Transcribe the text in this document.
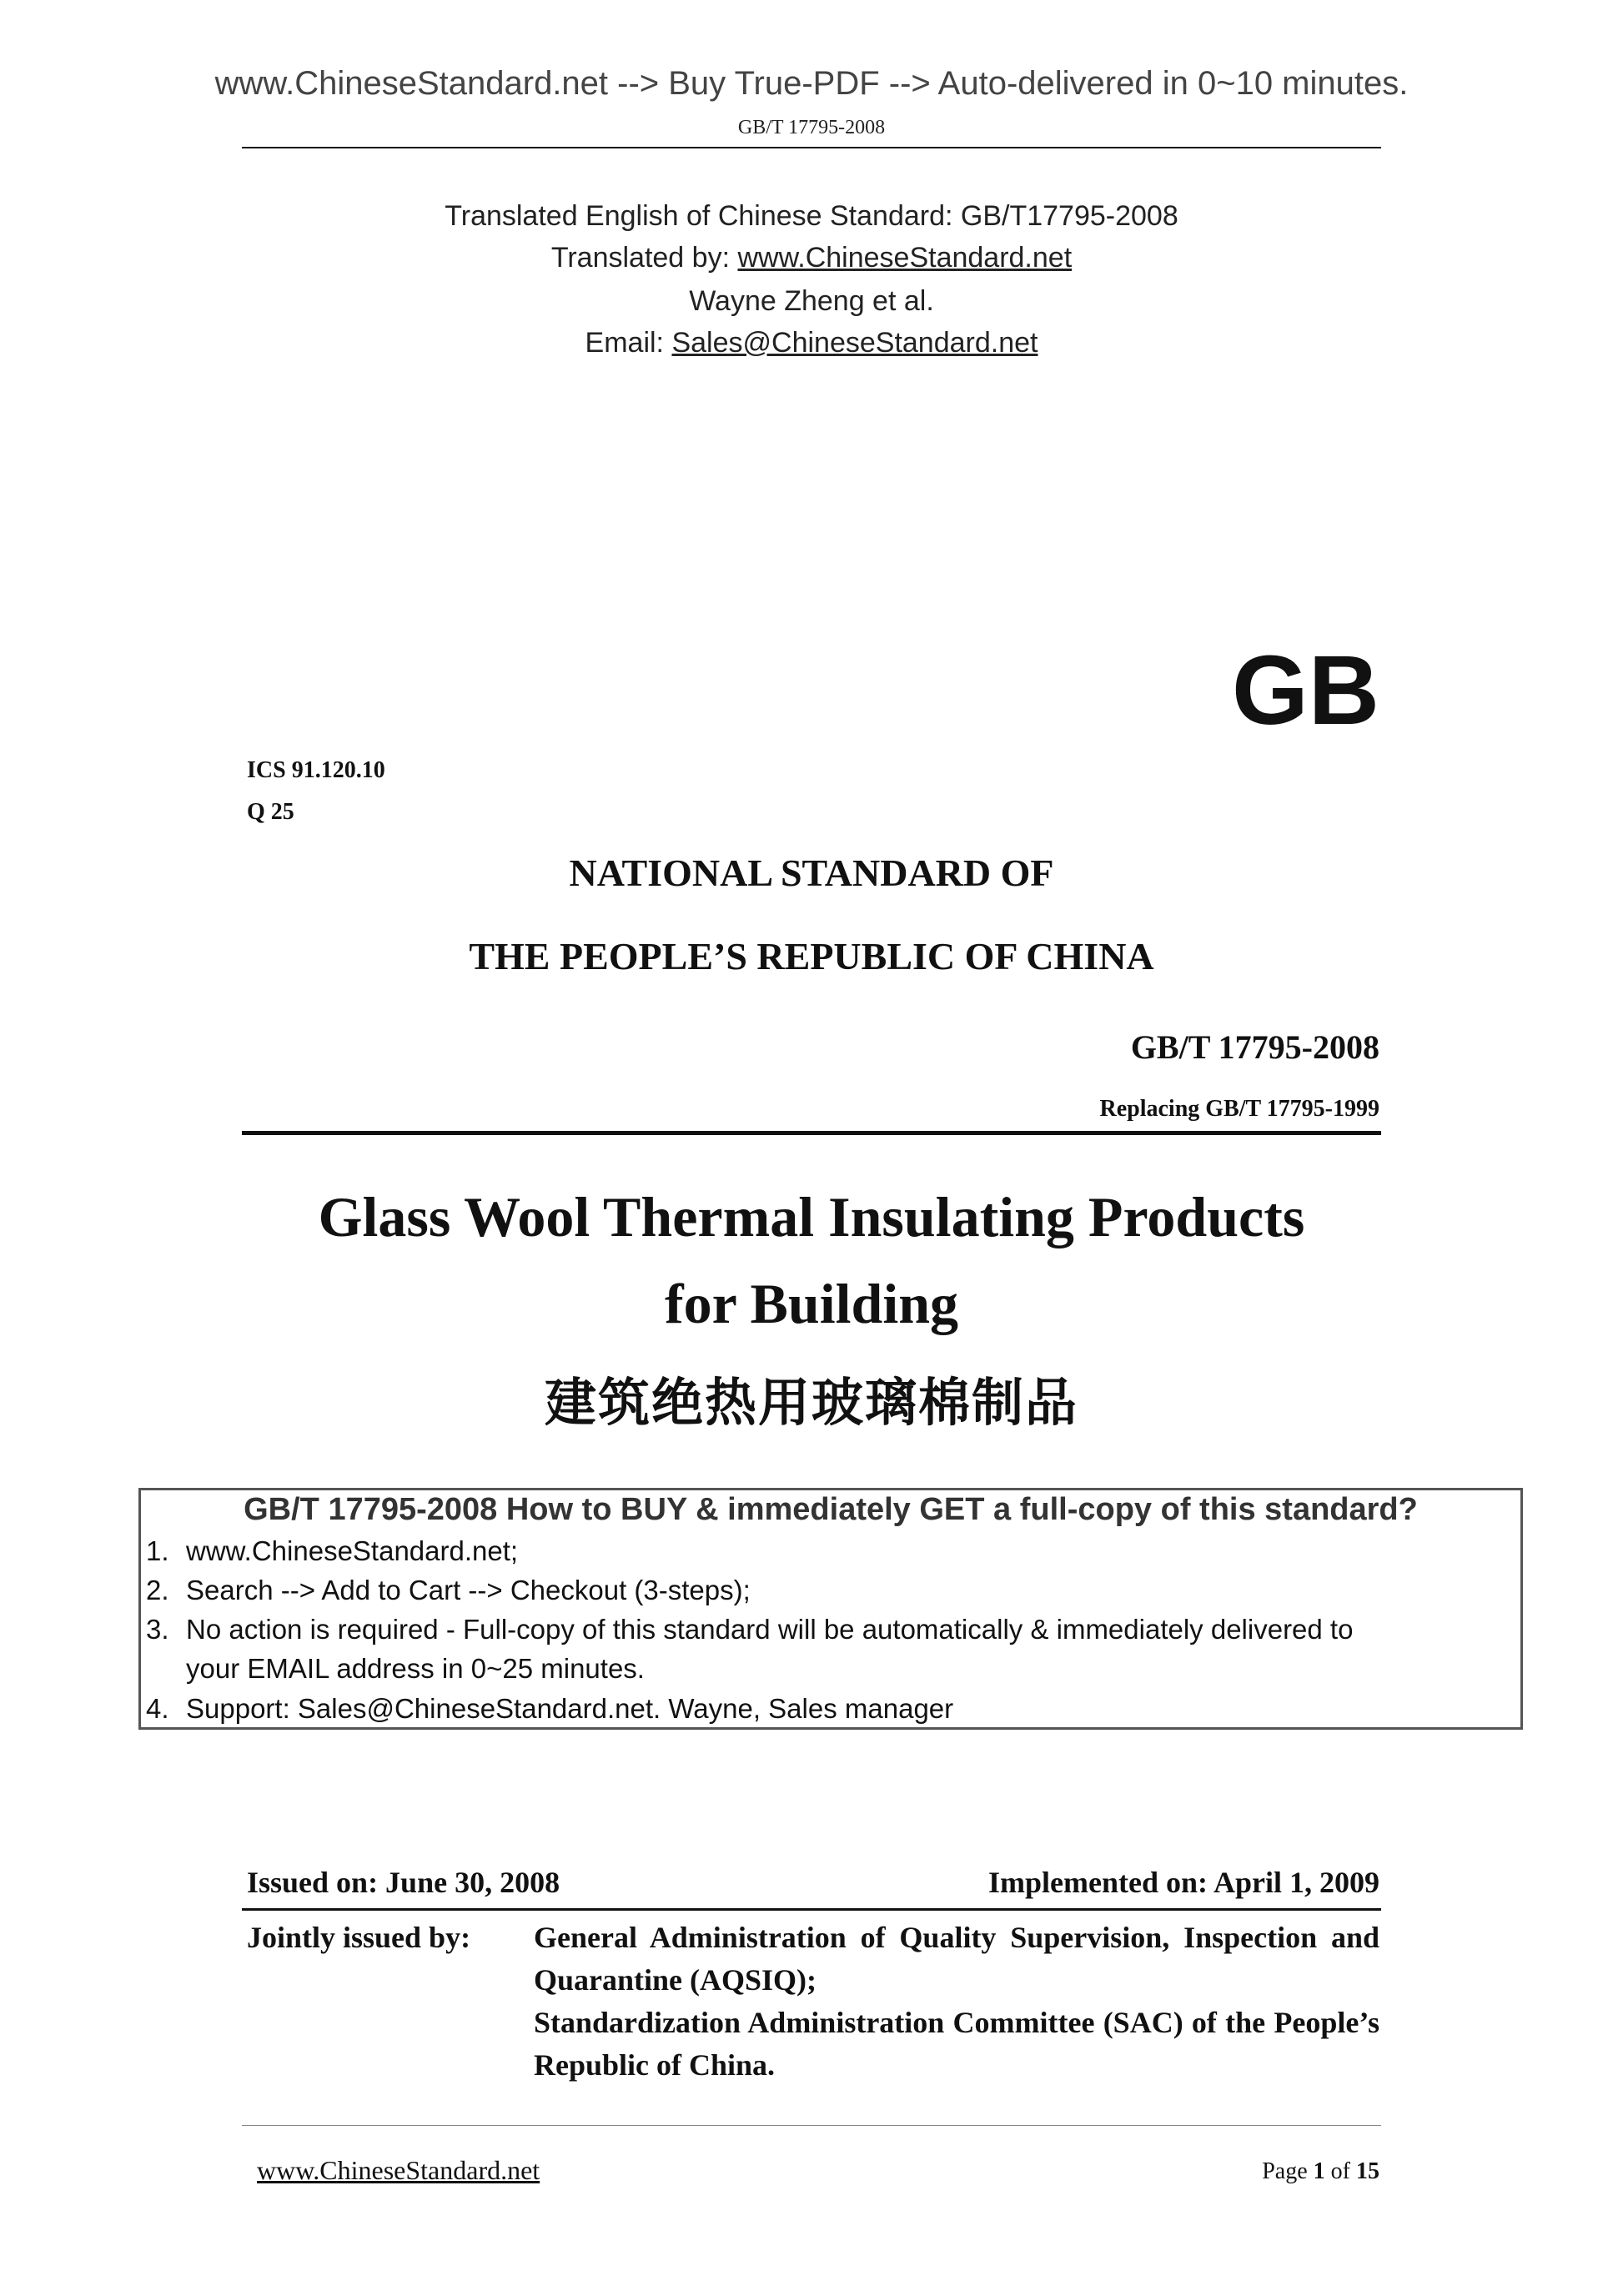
www.ChineseStandard.net --> Buy True-PDF --> Auto-delivered in 0~10 minutes.
GB/T 17795-2008
Translated English of Chinese Standard: GB/T17795-2008
Translated by: www.ChineseStandard.net
Wayne Zheng et al.
Email: Sales@ChineseStandard.net
GB
ICS 91.120.10
Q 25
NATIONAL STANDARD OF
THE PEOPLE’S REPUBLIC OF CHINA
GB/T 17795-2008
Replacing GB/T 17795-1999
Glass Wool Thermal Insulating Products
for Building
建筑绝热用玻璃棉制品
GB/T 17795-2008 How to BUY & immediately GET a full-copy of this standard?
1. www.ChineseStandard.net;
2. Search --> Add to Cart --> Checkout (3-steps);
3. No action is required - Full-copy of this standard will be automatically & immediately delivered to
your EMAIL address in 0~25 minutes.
4. Support: Sales@ChineseStandard.net. Wayne, Sales manager
Issued on: June 30, 2008	Implemented on: April 1, 2009
Jointly issued by: General Administration of Quality Supervision, Inspection and Quarantine (AQSIQ);
Standardization Administration Committee (SAC) of the People’s Republic of China.
www.ChineseStandard.net	Page 1 of 15
